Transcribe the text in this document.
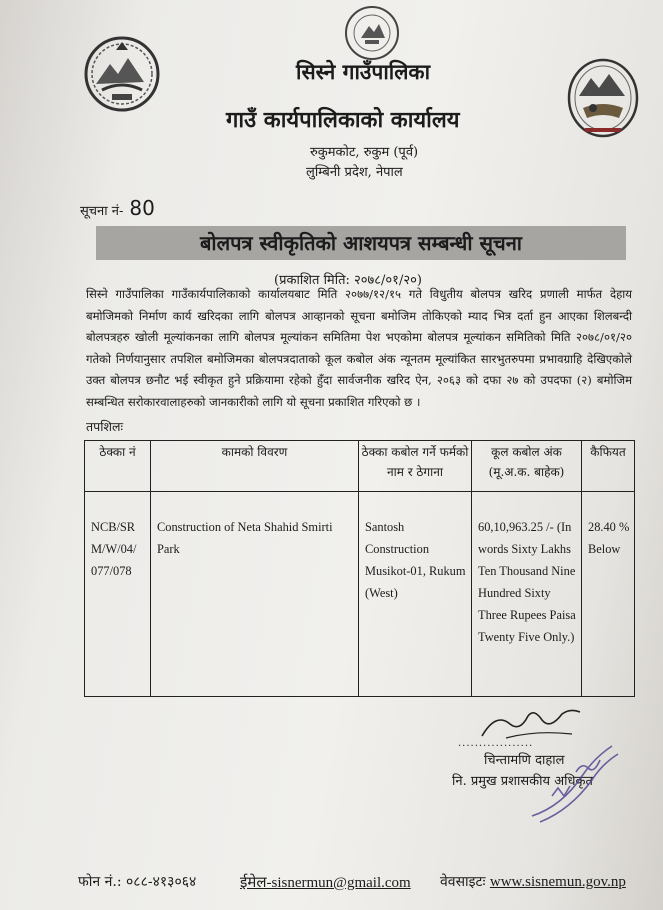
सिस्ने गाउँपालिका
गाउँ कार्यपालिकाको कार्यालय
रुकुमकोट, रुकुम (पूर्व)
लुम्बिनी प्रदेश, नेपाल
सूचना नं- 80
बोलपत्र स्वीकृतिको आशयपत्र सम्बन्धी सूचना
(प्रकाशित मिति: २०७८/०१/२०)
सिस्ने गाउँपालिका गाउँकार्यपालिकाको कार्यालयबाट मिति २०७७/१२/१५ गते विधुतीय बोलपत्र खरिद प्रणाली मार्फत देहाय बमोजिमको निर्माण कार्य खरिदका लागि बोलपत्र आव्हानको सूचना बमोजिम तोकिएको म्याद भित्र दर्ता हुन आएका शिलबन्दी बोलपत्रहरु खोली मूल्यांकनका लागि बोलपत्र मूल्यांकन समितिमा पेश भएकोमा बोलपत्र मूल्यांकन समितिको मिति २०७८/०१/२० गतेको निर्णयानुसार तपशिल बमोजिमका बोलपत्रदाताको कूल कबोल अंक न्यूनतम मूल्यांकित सारभुतरुपमा प्रभावग्राहि देखिएकोले उक्त बोलपत्र छनौट भई स्वीकृत हुने प्रक्रियामा रहेको हुँदा सार्वजनीक खरिद ऐन, २०६३ को दफा २७ को उपदफा (२) बमोजिम सम्बन्धित सरोकारवालाहरुको जानकारीको लागि यो सूचना प्रकाशित गरिएको छ ।
तपशिलः
ठेक्का नं	कामको विवरण	ठेक्का कबोल गर्ने फर्मको नाम र ठेगाना	कूल कबोल अंक (मू.अ.क. बाहेक)	कैफियत
NCB/SR M/W/04/ 077/078	Construction of Neta Shahid Smirti Park	Santosh Construction Musikot-01, Rukum (West)	60,10,963.25 /- (In words Sixty Lakhs Ten Thousand Nine Hundred Sixty Three Rupees Paisa Twenty Five Only.)	28.40 % Below
..................
चिन्तामणि दाहाल
नि. प्रमुख प्रशासकीय अधिकृत
फोन नं.: ०८८-४१३०६४	ईमेल-sisnermun@gmail.com वेवसाइटः www.sisnemun.gov.np
